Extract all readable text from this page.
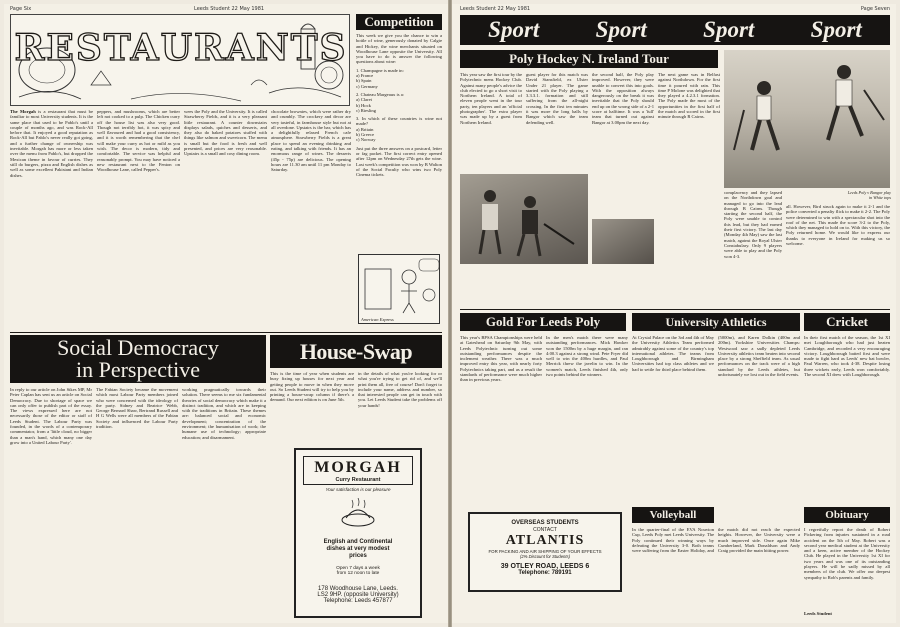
Page Six	Leeds Student 22 May 1981
RESTAURANTS
The Morgah is a restaurant that must be familiar to most University students. It is the same place that used to be Pablo's until a couple of months ago, and was Rock-All before that. It enjoyed a good reputation as Rock-All but Pablo's never really got going, and a further change of ownership was inevitable. Morgah has more or less taken over the menu from Pablo's, but dropped the Mexican theme in favour of curries. They still do burgers, pizza and English dishes as well as some excellent Pakistani and Indian dishes.
peppers, and mushrooms, which are better left not cooked to a pulp. The Chicken curry off the house list was also very good. Though not terribly hot, it was spicy and well flavoured and had a good consistency, and it is worth remembering that the chef will make your curry as hot or mild as you wish. The decor is modern, tidy and comfortable. The service was helpful and reasonably prompt. You may have noticed a new restaurant next to the Fenton on Woodhouse Lane, called Pepper's.
wees the Poly and the University. It is called Strawberry Fields, and it is a very pleasant little restaurant. A counter downstairs displays salads, quiches and desserts, and they also do baked potatoes stuffed with things like salmon and sweetcorn. The menu is small but the food is fresh and well presented, and prices are very reasonable. Upstairs is a small and cosy dining room.
chocolate brownies, which were rather dry and crumbly. The crockery and decor are very tasteful, in farmhouse style but not at all overdone. Upstairs is the bar, which has a delightfully relaxed French cafe atmosphere. Strawberry Fields is a great place to spend an evening drinking and eating, and talking with friends. It has an enormous range of wines. The desserts (45p - 75p) are delicious. The opening hours are 11.30 am until 11 pm Monday to Saturday.
Competition
This week we give you the chance to win a bottle of wine, generously donated by Calgie and Hickey, the wine merchants situated on Woodhouse Lane opposite the University. All you have to do is answer the following questions about wine:
1. Champagne is made in:
a) France
b) Spain
c) Germany
2. Chateau Margeaux is a:
a) Claret
b) Hock
c) Riesling
3. In which of these countries is wine not made?
a) Britain
b) Greece
c) Norway
Just put the three answers on a postcard, letter or fag packet. The first correct entry opened after 12pm on Wednesday 27th gets the wine. Last week's competition was won by B Walton of the Social Faculty who wins two Poly Cinema tickets.
American Express
Social Democracy
in Perspective
In reply to our article on John Sikes MP, Mr Peter Caplan has sent us an article on Social Democracy. Due to shortage of space we can only offer to publish part of the essay. The views expressed here are not necessarily those of the editor or staff of Leeds Student. The Labour Party was founded, in the words of a contemporary commentator, from a 'little cloud, no bigger than a man's hand, which many one day grow into a United Labour Party'.
The Fabian Society became the movement which most Labour Party members joined who were concerned with the ideology of the party. Sidney and Beatrice Webb, George Bernard Shaw, Bertrand Russell and H G Wells were all members of the Fabian Society and influenced the Labour Party tradition.
working pragmatically towards their solution. There seems to me six fundamental theories of social democracy which make it a distinct tradition, and which are in keeping with the traditions in Britain. These themes are: balanced social and economic development; concentration of the environment; the humanisation of work; the humane use of technology; appropriate education; and disarmament.
House-Swap
This is the time of year when students are busy fixing up houses for next year and getting people to move in when they move out. So Leeds Student will try to help you by printing a house-swap column if there's a demand. Our next edition is on June 5th.
in the details of what you're looking for or what you're trying to get rid of, and we'll print them all, free of course! Don't forget to include your name, address and number, so that interested people can get in touch with you. Let Leeds Student take the problems off your hands!
MORGAH
Curry Restaurant
Your satisfaction is our pleasure
English and Continental
dishes at very modest
prices
Open 7 days a week
from 12 noon to late
178 Woodhouse Lane, Leeds.
LS2 9HP. (opposite University)
Telephone: Leeds 457877
Leeds Student 22 May 1981	Page Seven
Sport Sport Sport Sport
Poly Hockey N. Ireland Tour
This year saw the first tour by the Polytechnic mens Hockey Club. Against many people's advice the club elected to go a short visit to Northern Ireland. A total of eleven people went in the tour party, ten players and an 'official photographer'. The extra player was made up by a guest from Northern Ireland.
guest player for this match was David Stansfield, ex Ulster Under 21 player. The game started with the Poly playing a 3.3.3.1. formation and still suffering from the all-night crossing. In the first ten minutes it was more the long balls by Bangor which saw the team defending well.
the second half, the Poly play improved. However, they were unable to convert this into goals. With the opposition always dangerously on the break it was inevitable that the Poly should end up on the wrong side of a 2-1 score at halftime. It was a 'full' team that turned out against Bangor at 3.00pm the next day.
The next game was in Belfast against Northdown. For the first time it poured with rain. This time P Molone was delighted that they played a 4.2.3.1 formation. The Poly made the most of the opportunities in the first half of the match and scored in the first minute through R Cairns.
Leeds Poly v Bangor play in White tops
complacency and they lapsed on the Northdown goal and managed to go into the lead through B Cairns. Though starting the second half, the Poly were unable to control this lead, but they had earned their first victory. The last day (Monday 4th May) saw the last match, against the Royal Ulster Constabulary. Only 9 players were able to play and the Poly won 4-3.
all. However, Bird struck again to make it 2-1 and the police converted a penalty flick to make it 2-2. The Poly were determined to win with a spectacular shot into the roof of the net. This made the score 3-2 to the Poly, which they managed to hold on to. With this victory, the Poly returned home. We would like to express our thanks to everyone in Ireland for making us so welcome.
Gold For Leeds Poly
This year's BPSA Championships were held at Gateshead on Saturday 9th May, with Leeds Polytechnic turning out some outstanding performances despite the inclement weather. There was a much improved entry this year, with nearly forty Polytechnics taking part, and as a result the standards of performance were much higher than in previous years.
In the men's match there were many outstanding performances. Mick Hawker won the 1500m by a huge margin, and ran 4:00.3 against a strong wind. Pete Fryer did well to win the 400m hurdles, and Paul Merrick threw the javelin to win. In the women's match, Leeds finished 4th, only two points behind the winners.
OVERSEAS STUDENTS
CONTACT
ATLANTIS
FOR PACKING AND AIR SHIPPING OF YOUR EFFECTS
(2% Discount for Students)
39 OTLEY ROAD, LEEDS 6
Telephone: 789191
University Athletics
At Crystal Palace on the 3rd and 4th of May the University Athletics Team performed admirably against some of the country's top international athletes. The teams from Loughborough and Birmingham Universities had top class athletes and we had to settle for third place behind them.
(5000m), and Karen Dolkin (400m and 200m). Yorkshire Universities Champs: Westwood saw a sadly depleted Leeds University athletics team beaten into second place by a strong Sheffield team. As usual performances on the track were of a high standard by the Leeds athletes, but unfortunately we lost out in the field events.
Volleyball
In the quarter-final of the EVA Nouvion Cup, Leeds Poly met Leeds University. The Poly continued their winning ways by defeating the University 3-0. Both teams were suffering from the Easter Holiday, and the match did not reach the expected heights. However, the University were a much improved side. Once again Mike Cumberland, Mark Donaldson and Andy Craig provided the main hitting power.
Cricket
In their first match of the season, the 1st XI met Loughborough who had just beaten Cambridge, and recorded a very encouraging victory. Loughborough batted first and were made to fight hard as Leeds' new bat bowler, Paul Warren, who took 4-38. Despite losing three wickets early, Leeds won comfortably. The second XI drew with Loughborough.
Obituary
I regretfully report the death of Robert Pickering from injuries sustained in a road accident on the 5th of May. Robert was a second year medical student at the University and a keen, active member of the Hockey Club. He played in the University 1st XI for two years and was one of its outstanding players. He will be sadly missed by all members of the club. We offer our deepest sympathy to Rob's parents and family.
Leeds Student
